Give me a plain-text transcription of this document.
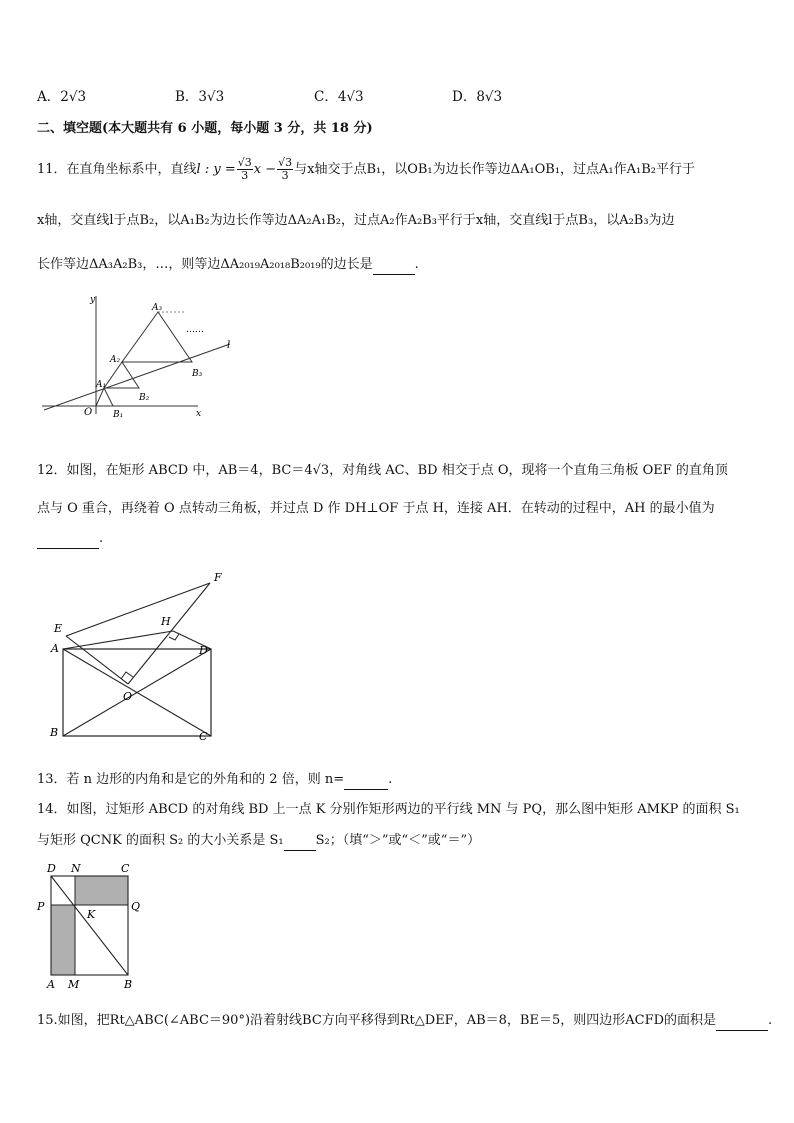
A．2√3	B．3√3	C．4√3	D．8√3
二、填空题(本大题共有 6 小题，每小题 3 分，共 18 分)
11．在直角坐标系中，直线l : $y = \frac{√3}{3}$ $x - \frac{√3}{3}$ 与x轴交于点B₁，以OB₁为边长作等边ΔA₁OB₁，过点A₁作A₁B₂平行于
x轴，交直线l于点B₂，以A₁B₂为边长作等边ΔA₂A₁B₂，过点A₂作A₂B₃平行于x轴，交直线l于点B₃，以A₂B₃为边
长作等边ΔA₃A₂B₃，…，则等边ΔA₂₀₁₉A₂₀₁₈B₂₀₁₉的边长是	.
y
x
O
l
A₁
A₂
A₃
B₁
B₂
B₃
……
12．如图，在矩形 ABCD 中，AB＝4，BC＝4√3，对角线 AC、BD 相交于点 O，现将一个直角三角板 OEF 的直角顶
点与 O 重合，再绕着 O 点转动三角板，并过点 D 作 DH⊥OF 于点 H，连接 AH．在转动的过程中，AH 的最小值为
.
E
A
B	C
D
F
H
O
13．若 n 边形的内角和是它的外角和的 2 倍，则 n=	.
14．如图，过矩形 ABCD 的对角线 BD 上一点 K 分别作矩形两边的平行线 MN 与 PQ，那么图中矩形 AMKP 的面积 S₁
与矩形 QCNK 的面积 S₂ 的大小关系是 S₁ S₂；（填“＞”或“＜”或“＝”）
D N	C
P
K
Q
A M	B
15.如图，把Rt△ABC(∠ABC＝90°)沿着射线BC方向平移得到Rt△DEF，AB＝8，BE＝5，则四边形ACFD的面积是	.
